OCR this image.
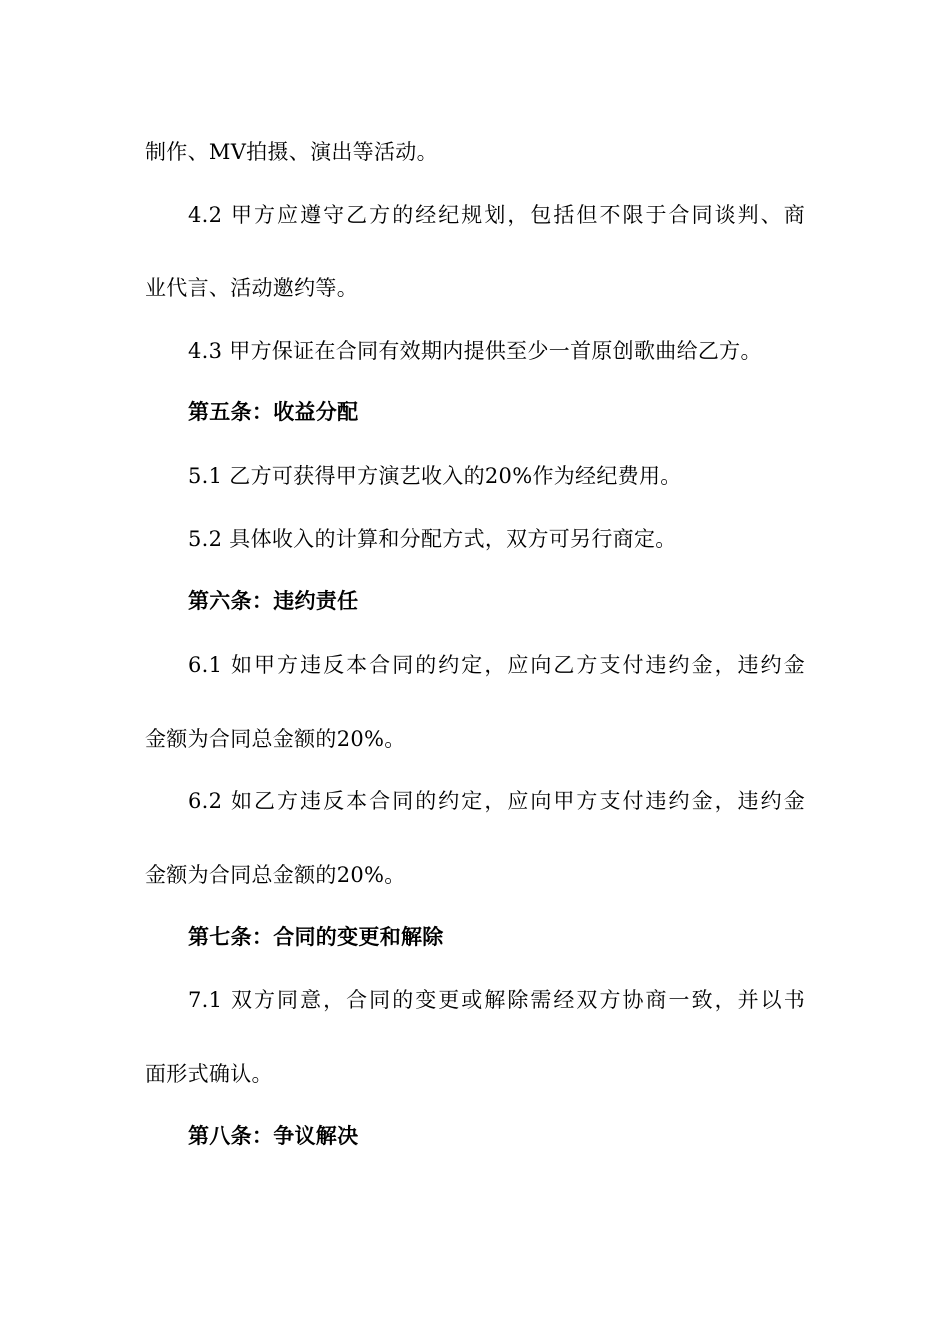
制作、MV拍摄、演出等活动。
4.2 甲方应遵守乙方的经纪规划，包括但不限于合同谈判、商
业代言、活动邀约等。
4.3 甲方保证在合同有效期内提供至少一首原创歌曲给乙方。
第五条：收益分配
5.1 乙方可获得甲方演艺收入的20%作为经纪费用。
5.2 具体收入的计算和分配方式，双方可另行商定。
第六条：违约责任
6.1 如甲方违反本合同的约定，应向乙方支付违约金，违约金
金额为合同总金额的20%。
6.2 如乙方违反本合同的约定，应向甲方支付违约金，违约金
金额为合同总金额的20%。
第七条：合同的变更和解除
7.1 双方同意，合同的变更或解除需经双方协商一致，并以书
面形式确认。
第八条：争议解决
